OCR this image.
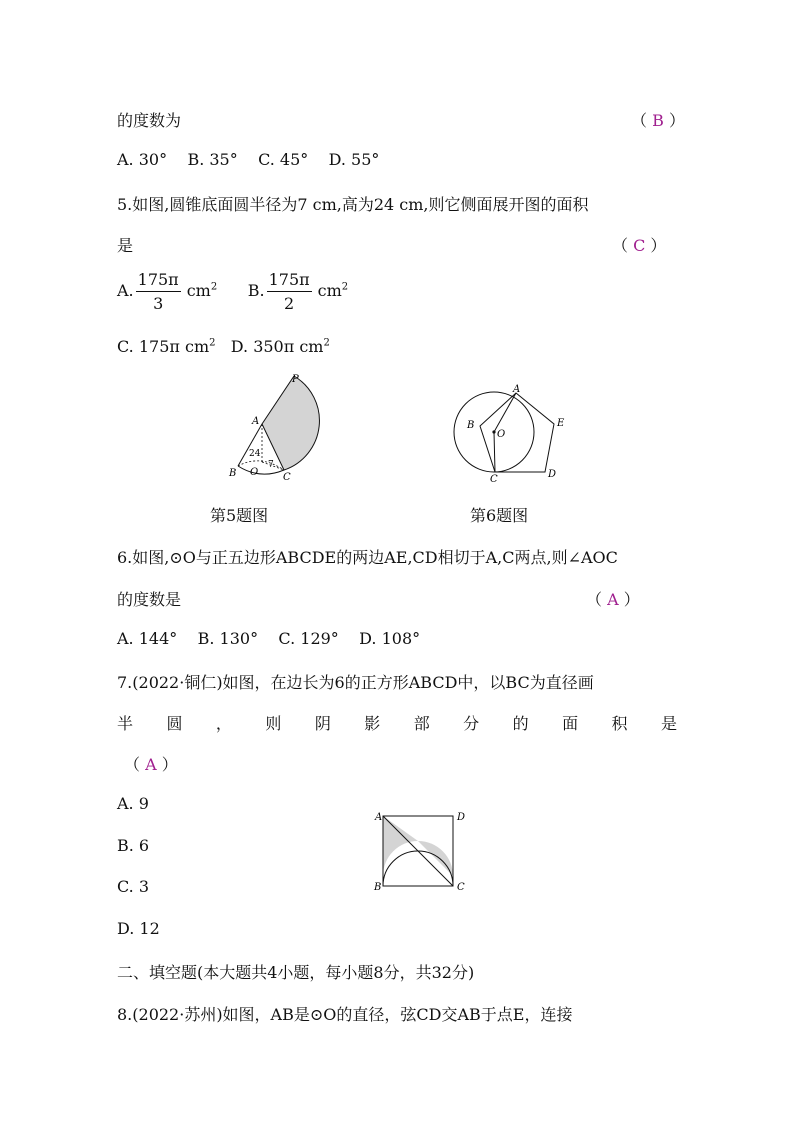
的度数为	（ B ）
A. 30° B. 35° C. 45° D. 55°
5.如图,圆锥底面圆半径为7 cm,高为24 cm,则它侧面展开图的面积
是	（ C ）
A. $\frac{175\pi}{3} cm^2$ B. $\frac{175\pi}{2} cm^2$
C. 175π $cm^2$ D. 350π $cm^2$
P
A
B O C
24
7
A
B
O
C	D
E
第5题图	第6题图
6.如图,⊙O与正五边形ABCDE的两边AE,CD相切于A,C两点,则∠AOC
的度数是	（ A ）
A. 144° B. 130° C. 129° D. 108°
7.(2022·铜仁)如图，在边长为6的正方形ABCD中，以BC为直径画
半 圆 ， 则 阴 影 部 分 的 面 积 是
（ A ）
A. 9
B. 6
C. 3
D. 12
A	D
B	C
二、填空题(本大题共4小题，每小题8分，共32分)
8.(2022·苏州)如图，AB是⊙O的直径，弦CD交AB于点E，连接
